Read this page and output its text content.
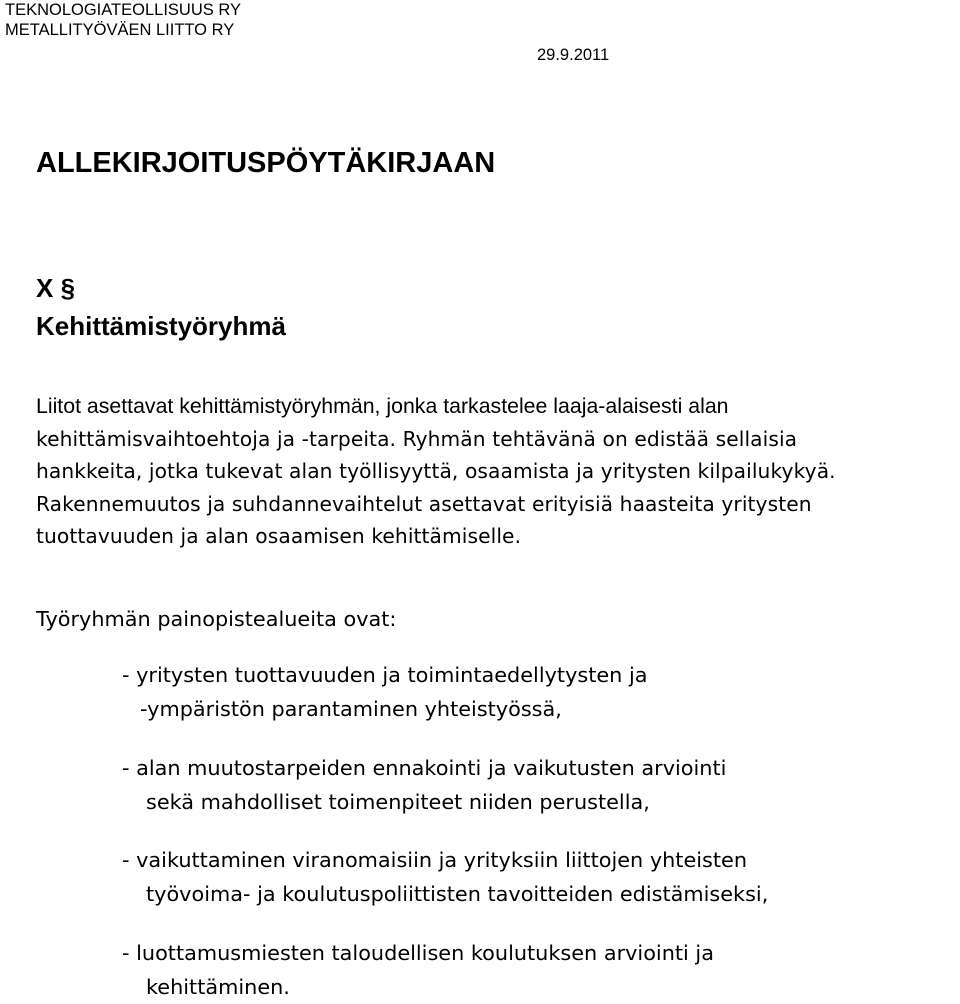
TEKNOLOGIATEOLLISUUS RY
METALLITYÖVÄEN LIITTO RY
29.9.2011
ALLEKIRJOITUSPÖYTÄKIRJAAN
X §
Kehittämistyöryhmä
Liitot asettavat kehittämistyöryhmän, jonka tarkastelee laaja-alaisesti alan
kehittämisvaihtoehtoja ja -tarpeita. Ryhmän tehtävänä on edistää sellaisia
hankkeita, jotka tukevat alan työllisyyttä, osaamista ja yritysten kilpailukykyä.
Rakennemuutos ja suhdannevaihtelut asettavat erityisiä haasteita yritysten
tuottavuuden ja alan osaamisen kehittämiselle.
Työryhmän painopistealueita ovat:
- yritysten tuottavuuden ja toimintaedellytysten ja
-ympäristön parantaminen yhteistyössä,
- alan muutostarpeiden ennakointi ja vaikutusten arviointi
sekä mahdolliset toimenpiteet niiden perustella,
- vaikuttaminen viranomaisiin ja yrityksiin liittojen yhteisten
työvoima- ja koulutuspoliittisten tavoitteiden edistämiseksi,
- luottamusmiesten taloudellisen koulutuksen arviointi ja
kehittäminen.
